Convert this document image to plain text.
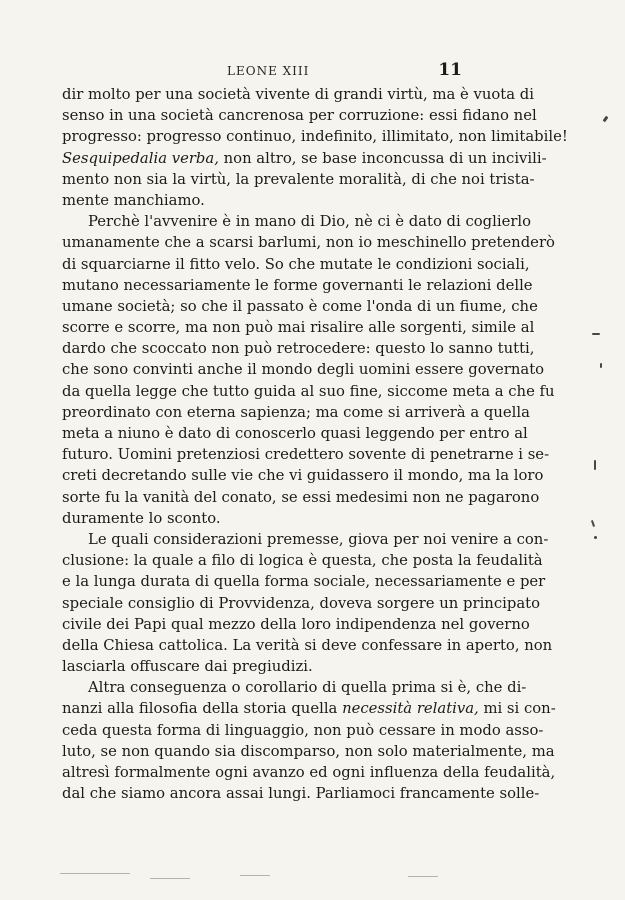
LEONE XIII	11
dir molto per una società vivente di grandi virtù, ma è vuota di
senso in una società cancrenosa per corruzione: essi fidano nel
progresso: progresso continuo, indefinito, illimitato, non limitabile!
Sesquipedalia verba, non altro, se base inconcussa di un incivili-
mento non sia la virtù, la prevalente moralità, di che noi trista-
mente manchiamo.
Perchè l'avvenire è in mano di Dio, nè ci è dato di coglierlo
umanamente che a scarsi barlumi, non io meschinello pretenderò
di squarciarne il fitto velo. So che mutate le condizioni sociali,
mutano necessariamente le forme governanti le relazioni delle
umane società; so che il passato è come l'onda di un fiume, che
scorre e scorre, ma non può mai risalire alle sorgenti, simile al
dardo che scoccato non può retrocedere: questo lo sanno tutti,
che sono convinti anche il mondo degli uomini essere governato
da quella legge che tutto guida al suo fine, siccome meta a che fu
preordinato con eterna sapienza; ma come si arriverà a quella
meta a niuno è dato di conoscerlo quasi leggendo per entro al
futuro. Uomini pretenziosi credettero sovente di penetrarne i se-
creti decretando sulle vie che vi guidassero il mondo, ma la loro
sorte fu la vanità del conato, se essi medesimi non ne pagarono
duramente lo sconto.
Le quali considerazioni premesse, giova per noi venire a con-
clusione: la quale a filo di logica è questa, che posta la feudalità
e la lunga durata di quella forma sociale, necessariamente e per
speciale consiglio di Provvidenza, doveva sorgere un principato
civile dei Papi qual mezzo della loro indipendenza nel governo
della Chiesa cattolica. La verità si deve confessare in aperto, non
lasciarla offuscare dai pregiudizi.
Altra conseguenza o corollario di quella prima si è, che di-
nanzi alla filosofia della storia quella necessità relativa, mi si con-
ceda questa forma di linguaggio, non può cessare in modo asso-
luto, se non quando sia discomparso, non solo materialmente, ma
altresì formalmente ogni avanzo ed ogni influenza della feudalità,
dal che siamo ancora assai lungi. Parliamoci francamente solle-
